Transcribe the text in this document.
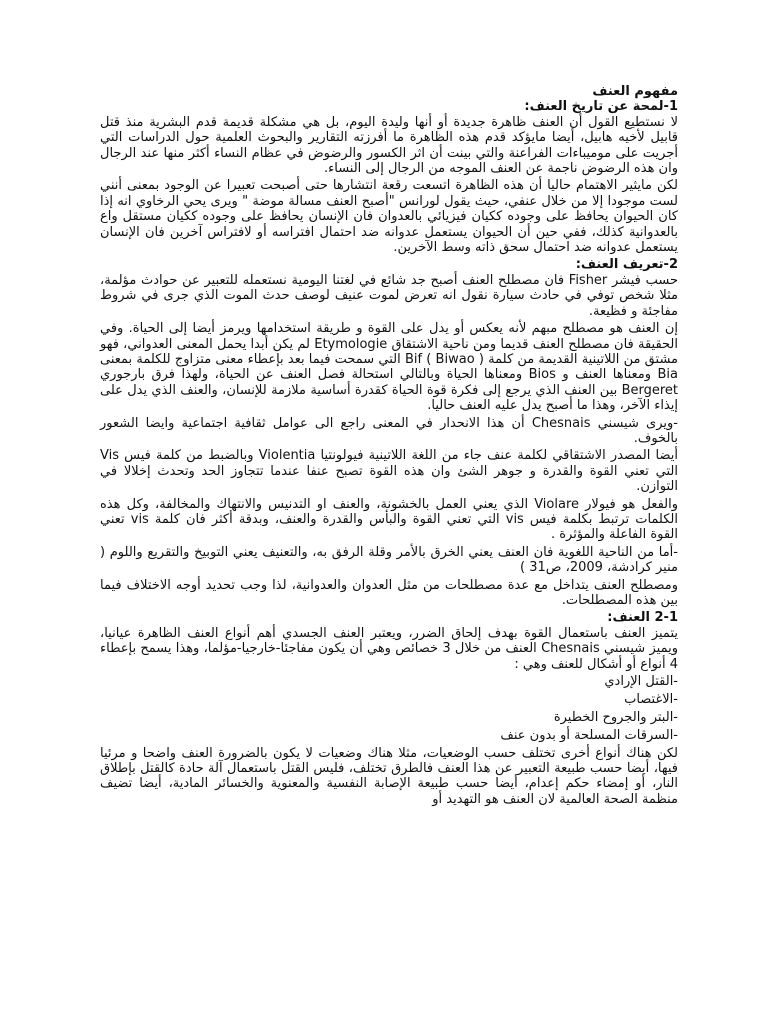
مفهوم العنف
1-لمحة عن تاريخ العنف:

لا نستطيع القول أن العنف ظاهرة جديدة أو أنها وليدة اليوم، بل هي مشكلة قديمة قدم البشرية منذ قتل قابيل لأخيه هابيل، أيضا مايؤكد قدم هذه الظاهرة ما أفرزته التقارير والبحوث العلمية حول الدراسات التي أجريت على موميباءات الفراعنة والتي بينت أن اثر الكسور والرضوض في عظام النساء أكثر منها عند الرجال وان هذه الرضوض ناجمة عن العنف الموجه من الرجال إلى النساء.

لكن مايثير الاهتمام حاليا أن هذه الظاهرة اتسعت رقعة انتشارها حتى أصبحت تعبيرا عن الوجود بمعنى أنني لست موجودا إلا من خلال عنفي، حيث يقول لورانس "أصبح العنف مسالة موضة " ويرى يحي الرخاوي انه إذا كان الحيوان يحافظ على وجوده ككيان فيزيائي بالعدوان فان الإنسان يحافظ على وجوده ككيان مستقل واع بالعدوانية كذلك، ففي حين أن الحيوان يستعمل عدوانه ضد احتمال افتراسه أو لافتراس آخرين فان الإنسان يستعمل عدوانه ضد احتمال سحق ذاته وسط الآخرين.

2-تعريف العنف:

حسب فيشر Fisher فان مصطلح العنف أصبح جد شائع في لغتنا اليومية نستعمله للتعبير عن حوادث مؤلمة، مثلا شخص توفي في حادث سيارة نقول انه تعرض لموت عنيف لوصف حدث الموت الذي جرى في شروط مفاجئة و فظيعة.

إن العنف هو مصطلح مبهم لأنه يعكس أو يدل على القوة و طريقة استخدامها ويرمز أيضا إلى الحياة. وفي الحقيقة فان مصطلح العنف قديما ومن ناحية الاشتقاق Etymologie لم يكن أبدا يحمل المعنى العدواني، فهو مشتق من اللاتينية القديمة من كلمة Bif ( Biwao ) التي سمحت فيما بعد بإعطاء معنى متزاوج للكلمة بمعنى Bia ومعناها العنف و Bios ومعناها الحياة وبالتالي استحالة فصل العنف عن الحياة، ولهذا فرق بارجوري Bergeret بين العنف الذي يرجع إلى فكرة قوة الحياة كقدرة أساسية ملازمة للإنسان، والعنف الذي يدل على إيذاء الآخر، وهذا ما أصبح يدل عليه العنف حاليا.

-ويرى شيسني Chesnais أن هذا الانحدار في المعنى راجع الى عوامل ثقافية اجتماعية وايضا الشعور بالخوف.

أيضا المصدر الاشتقاقي لكلمة عنف جاء من اللغة اللاتينية فيولونتيا Violentia وبالضبط من كلمة فيس Vis التي تعني القوة والقدرة و جوهر الشئ وان هذه القوة تصبح عنفا عندما تتجاوز الحد وتحدث إخلالا في التوازن.

والفعل هو فيولار Violare الذي يعني العمل بالخشونة، والعنف او التدنيس والانتهاك والمخالفة، وكل هذه الكلمات ترتبط بكلمة فيس vis التي تعني القوة والبأس والقدرة والعنف، وبدقة أكثر فان كلمة vis تعني القوة الفاعلة والمؤثرة .

-أما من الناحية اللغوية فان العنف يعني الخرق بالأمر وقلة الرفق به، والتعنيف يعني التوبيخ والتقريع واللوم ( منير كرادشة، 2009، ص31 )

ومصطلح العنف يتداخل مع عدة مصطلحات من مثل العدوان والعدوانية، لذا وجب تحديد أوجه الاختلاف فيما بين هذه المصطلحات.

2-1 العنف:

يتميز العنف باستعمال القوة بهدف إلحاق الضرر، ويعتبر العنف الجسدي أهم أنواع العنف الظاهرة عيانيا، ويميز شيسني Chesnais العنف من خلال 3 خصائص وهي أن يكون مفاجئا-خارجيا-مؤلما، وهذا يسمح بإعطاء 4 أنواع أو أشكال للعنف وهي :

-القتل الإرادي
-الاغتصاب
-البتر والجروح الخطيرة
-السرقات المسلحة أو بدون عنف

لكن هناك أنواع أخرى تختلف حسب الوضعيات، مثلا هناك وضعيات لا يكون بالضرورة العنف واضحا و مرئيا فيها، أيضا حسب طبيعة التعبير عن هذا العنف فالطرق تختلف، فليس القتل باستعمال آلة حادة كالقتل بإطلاق النار، أو إمضاء حكم إعدام، أيضا حسب طبيعة الإصابة النفسية والمعنوية والخسائر المادية، أيضا تضيف منظمة الصحة العالمية لان العنف هو التهديد أو
